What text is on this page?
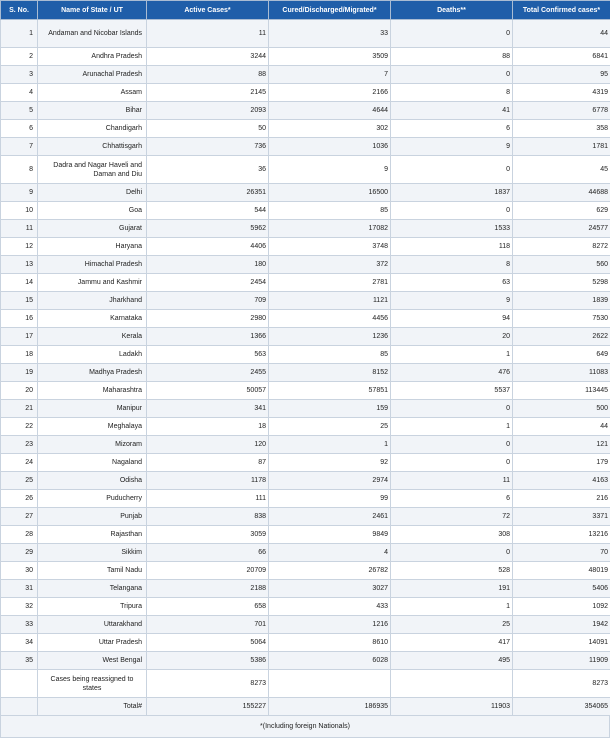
S. No.	Name of State / UT	Active Cases*	Cured/Discharged/Migrated*	Deaths**	Total Confirmed cases*
1	Andaman and Nicobar Islands	11	33	0	44
2	Andhra Pradesh	3244	3509	88	6841
3	Arunachal Pradesh	88	7	0	95
4	Assam	2145	2166	8	4319
5	Bihar	2093	4644	41	6778
6	Chandigarh	50	302	6	358
7	Chhattisgarh	736	1036	9	1781
8	Dadra and Nagar Haveli and Daman and Diu	36	9	0	45
9	Delhi	26351	16500	1837	44688
10	Goa	544	85	0	629
11	Gujarat	5962	17082	1533	24577
12	Haryana	4406	3748	118	8272
13	Himachal Pradesh	180	372	8	560
14	Jammu and Kashmir	2454	2781	63	5298
15	Jharkhand	709	1121	9	1839
16	Karnataka	2980	4456	94	7530
17	Kerala	1366	1236	20	2622
18	Ladakh	563	85	1	649
19	Madhya Pradesh	2455	8152	476	11083
20	Maharashtra	50057	57851	5537	113445
21	Manipur	341	159	0	500
22	Meghalaya	18	25	1	44
23	Mizoram	120	1	0	121
24	Nagaland	87	92	0	179
25	Odisha	1178	2974	11	4163
26	Puducherry	111	99	6	216
27	Punjab	838	2461	72	3371
28	Rajasthan	3059	9849	308	13216
29	Sikkim	66	4	0	70
30	Tamil Nadu	20709	26782	528	48019
31	Telangana	2188	3027	191	5406
32	Tripura	658	433	1	1092
33	Uttarakhand	701	1216	25	1942
34	Uttar Pradesh	5064	8610	417	14091
35	West Bengal	5386	6028	495	11909
	Cases being reassigned to states	8273			8273
	Total#	155227	186935	11903	354065
*(Including foreign Nationals)
